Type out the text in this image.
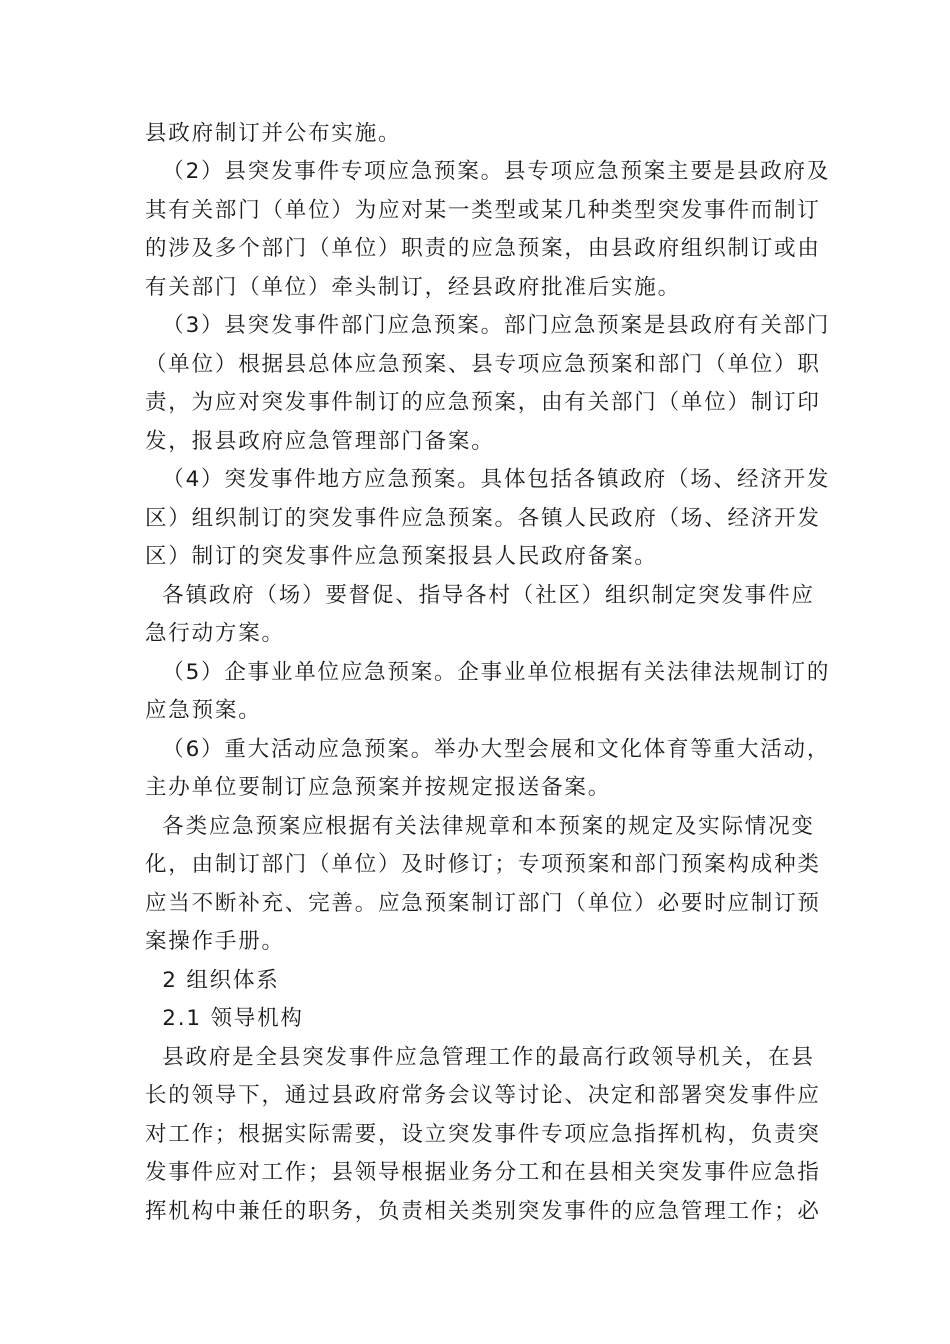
县政府制订并公布实施。
（2）县突发事件专项应急预案。县专项应急预案主要是县政府及
其有关部门（单位）为应对某一类型或某几种类型突发事件而制订
的涉及多个部门（单位）职责的应急预案，由县政府组织制订或由
有关部门（单位）牵头制订，经县政府批准后实施。
（3）县突发事件部门应急预案。部门应急预案是县政府有关部门
（单位）根据县总体应急预案、县专项应急预案和部门（单位）职
责，为应对突发事件制订的应急预案，由有关部门（单位）制订印
发，报县政府应急管理部门备案。
（4）突发事件地方应急预案。具体包括各镇政府（场、经济开发
区）组织制订的突发事件应急预案。各镇人民政府（场、经济开发
区）制订的突发事件应急预案报县人民政府备案。
各镇政府（场）要督促、指导各村（社区）组织制定突发事件应
急行动方案。
（5）企事业单位应急预案。企事业单位根据有关法律法规制订的
应急预案。
（6）重大活动应急预案。举办大型会展和文化体育等重大活动，
主办单位要制订应急预案并按规定报送备案。
各类应急预案应根据有关法律规章和本预案的规定及实际情况变
化，由制订部门（单位）及时修订；专项预案和部门预案构成种类
应当不断补充、完善。应急预案制订部门（单位）必要时应制订预
案操作手册。
2 组织体系
2.1 领导机构
县政府是全县突发事件应急管理工作的最高行政领导机关，在县
长的领导下，通过县政府常务会议等讨论、决定和部署突发事件应
对工作；根据实际需要，设立突发事件专项应急指挥机构，负责突
发事件应对工作；县领导根据业务分工和在县相关突发事件应急指
挥机构中兼任的职务，负责相关类别突发事件的应急管理工作；必
